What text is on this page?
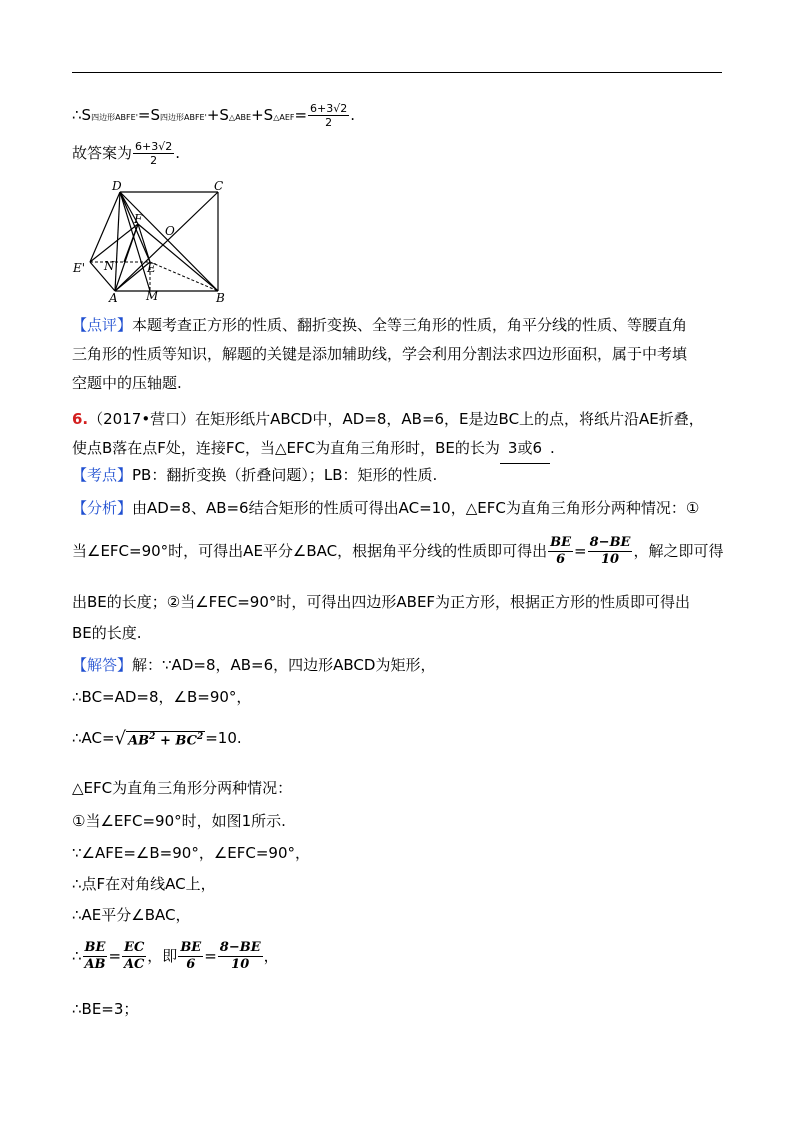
∴S四边形ABFE'=S四边形ABFE'+S△ABE+S△AEF= $\frac{6+3√2}{2}$ .
故答案为 $\frac{6+3√2}{2}$ .
D	C
F
O
E' N	E
A M	B
【点评】本题考查正方形的性质、翻折变换、全等三角形的性质，角平分线的性质、等腰直角
三角形的性质等知识，解题的关键是添加辅助线，学会利用分割法求四边形面积，属于中考填
空题中的压轴题.
6.（2017•营口）在矩形纸片ABCD中，AD=8，AB=6，E是边BC上的点，将纸片沿AE折叠，
使点B落在点F处，连接FC，当△EFC为直角三角形时，BE的长为 3或6 .
【考点】PB：翻折变换（折叠问题）；LB：矩形的性质.
【分析】由AD=8、AB=6结合矩形的性质可得出AC=10，△EFC为直角三角形分两种情况：①
当∠EFC=90°时，可得出AE平分∠BAC，根据角平分线的性质即可得出 $\frac{BE}{6} = \frac{8-BE}{10}$ ，解之即可得
出BE的长度；②当∠FEC=90°时，可得出四边形ABEF为正方形，根据正方形的性质即可得出
BE的长度.
【解答】解：∵AD=8，AB=6，四边形ABCD为矩形，
∴BC=AD=8，∠B=90°，
∴AC=√ $AB^2 + BC^2 =10$.
△EFC为直角三角形分两种情况：
①当∠EFC=90°时，如图1所示.
∵∠AFE=∠B=90°，∠EFC=90°，
∴点F在对角线AC上，
∴AE平分∠BAC，
∴ $\frac{BE}{AB} = \frac{EC}{AC}$ ，即 $\frac{BE}{6} = \frac{8-BE}{10}$ ，
∴BE=3；
